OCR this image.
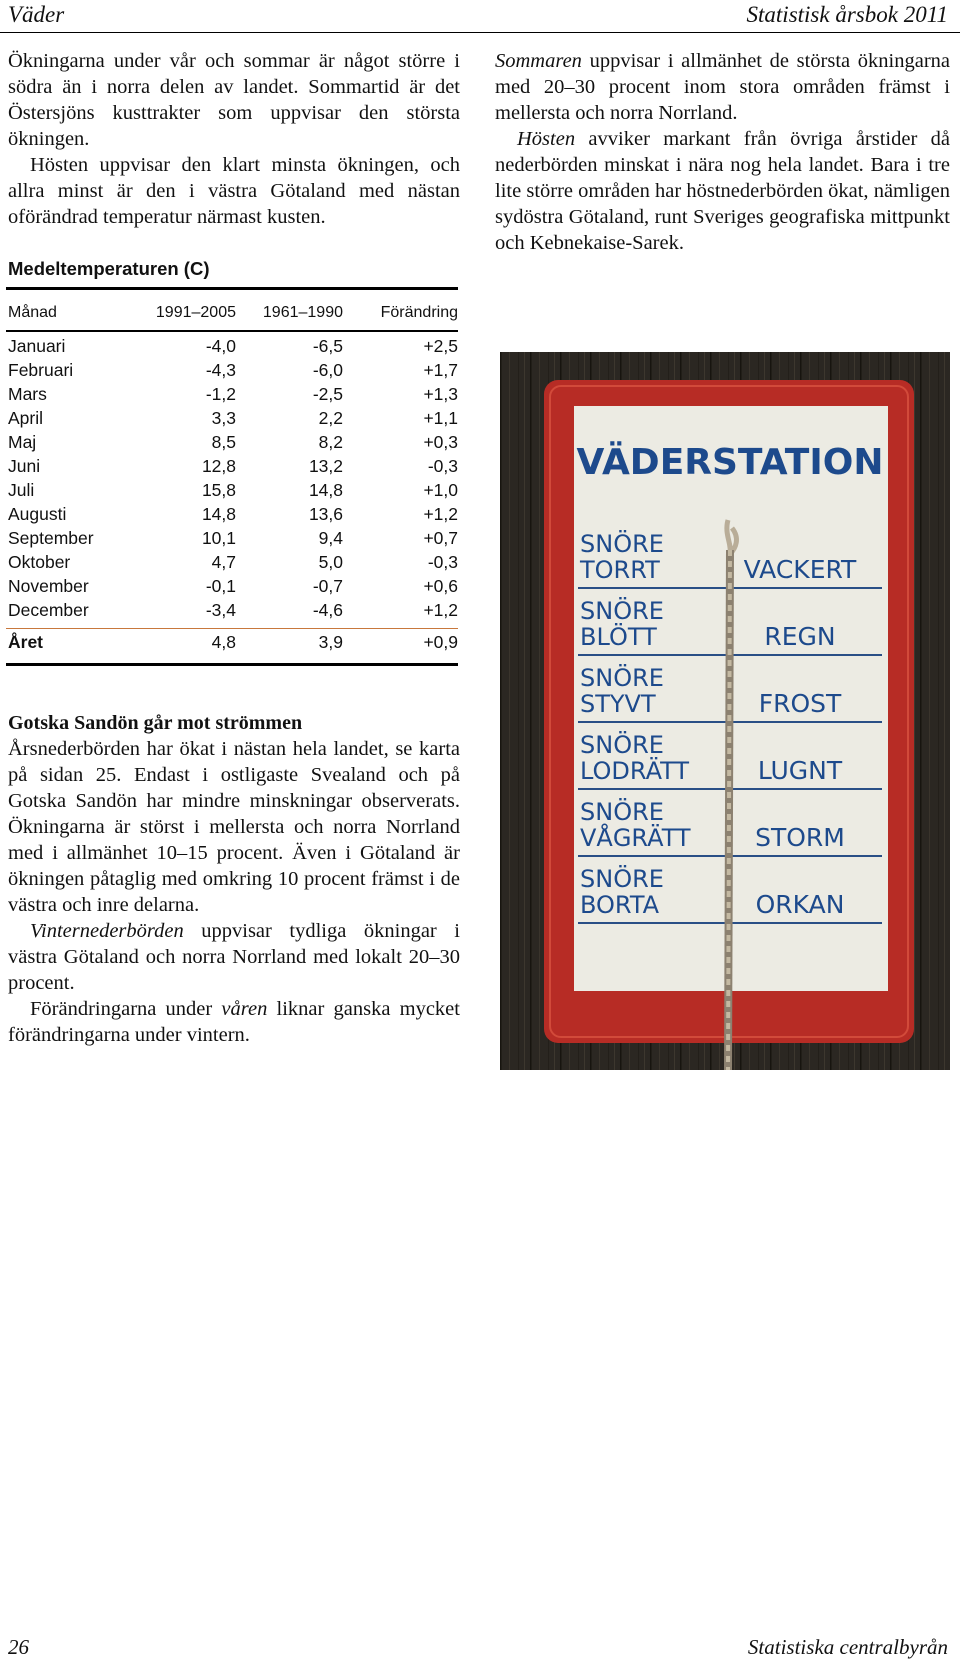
Väder	Statistisk årsbok 2011

Ökningarna under vår och sommar är något större i södra än i norra delen av landet. Sommartid är det Östersjöns kusttrakter som uppvisar den största ökningen.

Hösten uppvisar den klart minsta ökningen, och allra minst är den i västra Götaland med nästan oförändrad temperatur närmast kusten.

Medeltemperaturen (C)
Månad	1991–2005 1961–1990 Förändring
Januari	-4,0	-6,5	+2,5
Februari	-4,3	-6,0	+1,7
Mars	-1,2	-2,5	+1,3
April	3,3	2,2	+1,1
Maj	8,5	8,2	+0,3
Juni	12,8	13,2	-0,3
Juli	15,8	14,8	+1,0
Augusti	14,8	13,6	+1,2
September	10,1	9,4	+0,7
Oktober	4,7	5,0	-0,3
November	-0,1	-0,7	+0,6
December	-3,4	-4,6	+1,2
Året	4,8	3,9	+0,9

Sommaren uppvisar i allmänhet de största ökningarna med 20–30 procent inom stora områden främst i mellersta och norra Norrland.

Hösten avviker markant från övriga årstider då nederbörden minskat i nära nog hela landet. Bara i tre lite större områden har höstnederbörden ökat, nämligen sydöstra Götaland, runt Sveriges geografiska mittpunkt och Kebnekaise-Sarek.

VÄDERSTATION
SNÖRE
TORRT	VACKERT
SNÖRE
BLÖTT	REGN
SNÖRE
STYVT	FROST
SNÖRE
LODRÄTT	LUGNT
SNÖRE
VÅGRÄTT	STORM
SNÖRE
BORTA	ORKAN

Gotska Sandön går mot strömmen

Årsnederbörden har ökat i nästan hela landet, se karta på sidan 25. Endast i ostligaste Svealand och på Gotska Sandön har mindre minskningar observerats. Ökningarna är störst i mellersta och norra Norrland med i allmänhet 10–15 procent. Även i Götaland är ökningen påtaglig med omkring 10 procent främst i de västra och inre delarna.

Vinternederbörden uppvisar tydliga ökningar i västra Götaland och norra Norrland med lokalt 20–30 procent.

Förändringarna under våren liknar ganska mycket förändringarna under vintern.

26	Statistiska centralbyrån
